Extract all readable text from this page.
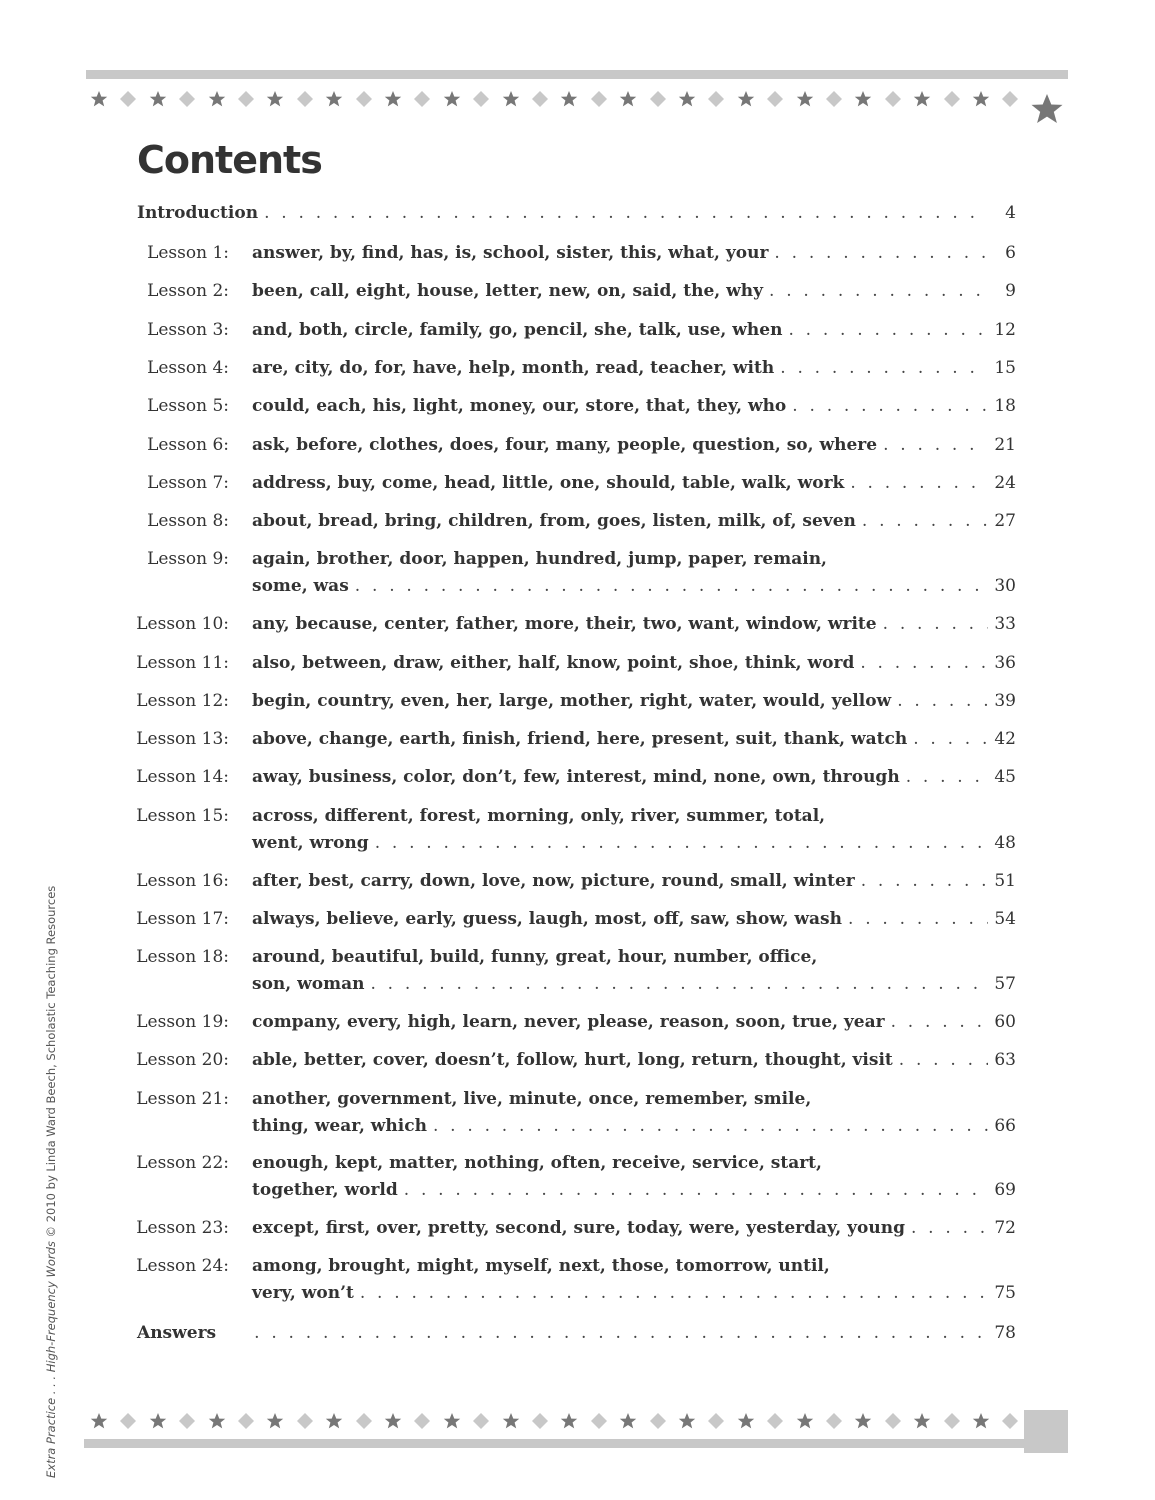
Contents
Introduction . . .	4
Lesson 1: answer, by, find, has, is, school, sister, this, what, your . . .	6
Lesson 2: been, call, eight, house, letter, new, on, said, the, why . . .	9
Lesson 3: and, both, circle, family, go, pencil, she, talk, use, when . . .	12
Lesson 4: are, city, do, for, have, help, month, read, teacher, with . . .	15
Lesson 5: could, each, his, light, money, our, store, that, they, who . . .	18
Lesson 6: ask, before, clothes, does, four, many, people, question, so, where . . .	21
Lesson 7: address, buy, come, head, little, one, should, table, walk, work . . .	24
Lesson 8: about, bread, bring, children, from, goes, listen, milk, of, seven . . .	27
Lesson 9: again, brother, door, happen, hundred, jump, paper, remain,
some, was . . .	30
Lesson 10: any, because, center, father, more, their, two, want, window, write . . .	33
Lesson 11: also, between, draw, either, half, know, point, shoe, think, word . . .	36
Lesson 12: begin, country, even, her, large, mother, right, water, would, yellow . . .	39
Lesson 13: above, change, earth, finish, friend, here, present, suit, thank, watch . . .	42
Lesson 14: away, business, color, don’t, few, interest, mind, none, own, through . . .	45
Lesson 15: across, different, forest, morning, only, river, summer, total,
went, wrong . . .	48
Lesson 16: after, best, carry, down, love, now, picture, round, small, winter . . .	51
Lesson 17: always, believe, early, guess, laugh, most, off, saw, show, wash . . .	54
Lesson 18: around, beautiful, build, funny, great, hour, number, office,
son, woman . . .	57
Lesson 19: company, every, high, learn, never, please, reason, soon, true, year . . .	60
Lesson 20: able, better, cover, doesn’t, follow, hurt, long, return, thought, visit . . .	63
Lesson 21: another, government, live, minute, once, remember, smile,
thing, wear, which . . .	66
Lesson 22: enough, kept, matter, nothing, often, receive, service, start,
together, world . . .	69
Lesson 23: except, first, over, pretty, second, sure, today, were, yesterday, young . . .	72
Lesson 24: among, brought, might, myself, next, those, tomorrow, until,
very, won’t . . .	75
Answers . . .	78
Extra Practice . . . High-Frequency Words © 2010 by Linda Ward Beech, Scholastic Teaching Resources
